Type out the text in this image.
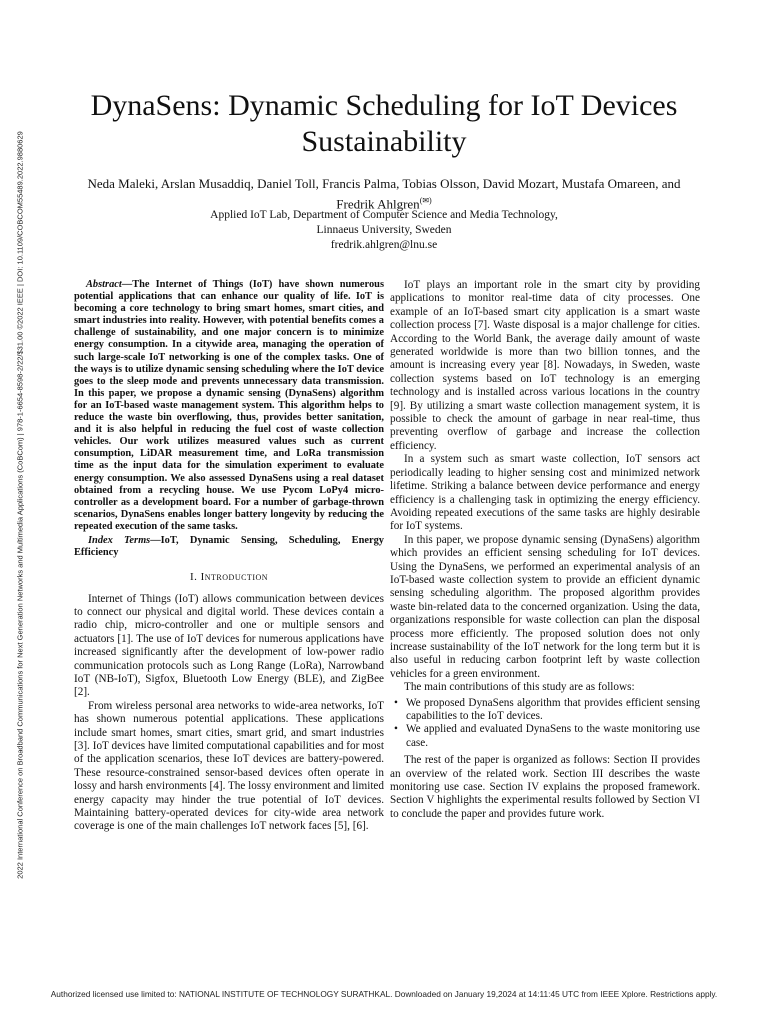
2022 International Conference on Broadband Communications for Next Generation Networks and Multimedia Applications (CoBCom) | 978-1-6654-8598-2/22/$31.00 ©2022 IEEE | DOI: 10.1109/COBCOM55489.2022.9880629
DynaSens: Dynamic Scheduling for IoT Devices Sustainability
Neda Maleki, Arslan Musaddiq, Daniel Toll, Francis Palma, Tobias Olsson, David Mozart, Mustafa Omareen, and Fredrik Ahlgren(✉)
Applied IoT Lab, Department of Computer Science and Media Technology,
Linnaeus University, Sweden
fredrik.ahlgren@lnu.se

Abstract—The Internet of Things (IoT) have shown numerous potential applications that can enhance our quality of life. IoT is becoming a core technology to bring smart homes, smart cities, and smart industries into reality. However, with potential benefits comes a challenge of sustainability, and one major concern is to minimize energy consumption. In a citywide area, managing the operation of such large-scale IoT networking is one of the complex tasks. One of the ways is to utilize dynamic sensing scheduling where the IoT device goes to the sleep mode and prevents unnecessary data transmission. In this paper, we propose a dynamic sensing (DynaSens) algorithm for an IoT-based waste management system. This algorithm helps to reduce the waste bin overflowing, thus, provides better sanitation, and it is also helpful in reducing the fuel cost of waste collection vehicles. Our work utilizes measured values such as current consumption, LiDAR measurement time, and LoRa transmission time as the input data for the simulation experiment to evaluate energy consumption. We also assessed DynaSens using a real dataset obtained from a recycling house. We use Pycom LoPy4 micro-controller as a development board. For a number of garbage-thrown scenarios, DynaSens enables longer battery longevity by reducing the repeated execution of the same tasks.

Index Terms—IoT, Dynamic Sensing, Scheduling, Energy Efficiency

I. Introduction

Internet of Things (IoT) allows communication between devices to connect our physical and digital world. These devices contain a radio chip, micro-controller and one or multiple sensors and actuators [1]. The use of IoT devices for numerous applications have increased significantly after the development of low-power radio communication protocols such as Long Range (LoRa), Narrowband IoT (NB-IoT), Sigfox, Bluetooth Low Energy (BLE), and ZigBee [2].

From wireless personal area networks to wide-area networks, IoT has shown numerous potential applications. These applications include smart homes, smart cities, smart grid, and smart industries [3]. IoT devices have limited computational capabilities and for most of the application scenarios, these IoT devices are battery-powered. These resource-constrained sensor-based devices often operate in lossy and harsh environments [4]. The lossy environment and limited energy capacity may hinder the true potential of IoT devices. Maintaining battery-operated devices for city-wide area network coverage is one of the main challenges IoT network faces [5], [6].

IoT plays an important role in the smart city by providing applications to monitor real-time data of city processes. One example of an IoT-based smart city application is a smart waste collection process [7]. Waste disposal is a major challenge for cities. According to the World Bank, the average daily amount of waste generated worldwide is more than two billion tonnes, and the amount is increasing every year [8]. Nowadays, in Sweden, waste collection systems based on IoT technology is an emerging technology and is installed across various locations in the country [9]. By utilizing a smart waste collection management system, it is possible to check the amount of garbage in near real-time, thus preventing overflow of garbage and increase the collection efficiency.

In a system such as smart waste collection, IoT sensors act periodically leading to higher sensing cost and minimized network lifetime. Striking a balance between device performance and energy efficiency is a challenging task in optimizing the energy efficiency. Avoiding repeated executions of the same tasks are highly desirable for IoT systems.

In this paper, we propose dynamic sensing (DynaSens) algorithm which provides an efficient sensing scheduling for IoT devices. Using the DynaSens, we performed an experimental analysis of an IoT-based waste collection system to provide an efficient dynamic sensing scheduling algorithm. The proposed algorithm provides waste bin-related data to the concerned organization. Using the data, organizations responsible for waste collection can plan the disposal process more efficiently. The proposed solution does not only increase sustainability of the IoT network for the long term but it is also useful in reducing carbon footprint left by waste collection vehicles for a green environment.

The main contributions of this study are as follows:

• We proposed DynaSens algorithm that provides efficient sensing capabilities to the IoT devices.
• We applied and evaluated DynaSens to the waste monitoring use case.

The rest of the paper is organized as follows: Section II provides an overview of the related work. Section III describes the waste monitoring use case. Section IV explains the proposed framework. Section V highlights the experimental results followed by Section VI to conclude the paper and provides future work.

Authorized licensed use limited to: NATIONAL INSTITUTE OF TECHNOLOGY SURATHKAL. Downloaded on January 19,2024 at 14:11:45 UTC from IEEE Xplore. Restrictions apply.
